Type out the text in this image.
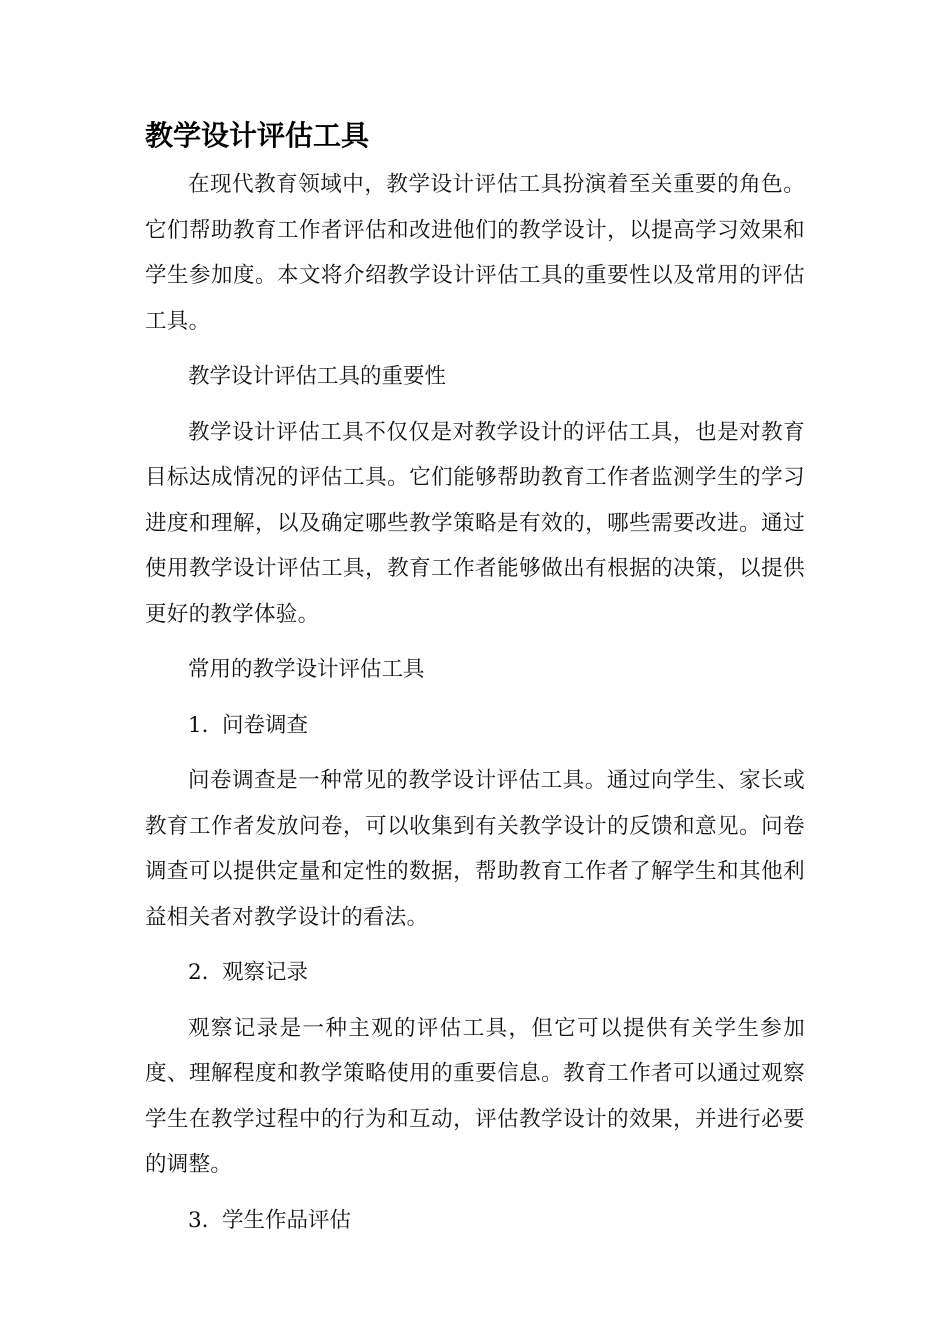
教学设计评估工具

在现代教育领域中，教学设计评估工具扮演着至关重要的角色。它们帮助教育工作者评估和改进他们的教学设计，以提高学习效果和学生参加度。本文将介绍教学设计评估工具的重要性以及常用的评估工具。

教学设计评估工具的重要性

教学设计评估工具不仅仅是对教学设计的评估工具，也是对教育目标达成情况的评估工具。它们能够帮助教育工作者监测学生的学习进度和理解，以及确定哪些教学策略是有效的，哪些需要改进。通过使用教学设计评估工具，教育工作者能够做出有根据的决策，以提供更好的教学体验。

常用的教学设计评估工具

1. 问卷调查

问卷调查是一种常见的教学设计评估工具。通过向学生、家长或教育工作者发放问卷，可以收集到有关教学设计的反馈和意见。问卷调查可以提供定量和定性的数据，帮助教育工作者了解学生和其他利益相关者对教学设计的看法。

2. 观察记录

观察记录是一种主观的评估工具，但它可以提供有关学生参加度、理解程度和教学策略使用的重要信息。教育工作者可以通过观察学生在教学过程中的行为和互动，评估教学设计的效果，并进行必要的调整。

3. 学生作品评估
